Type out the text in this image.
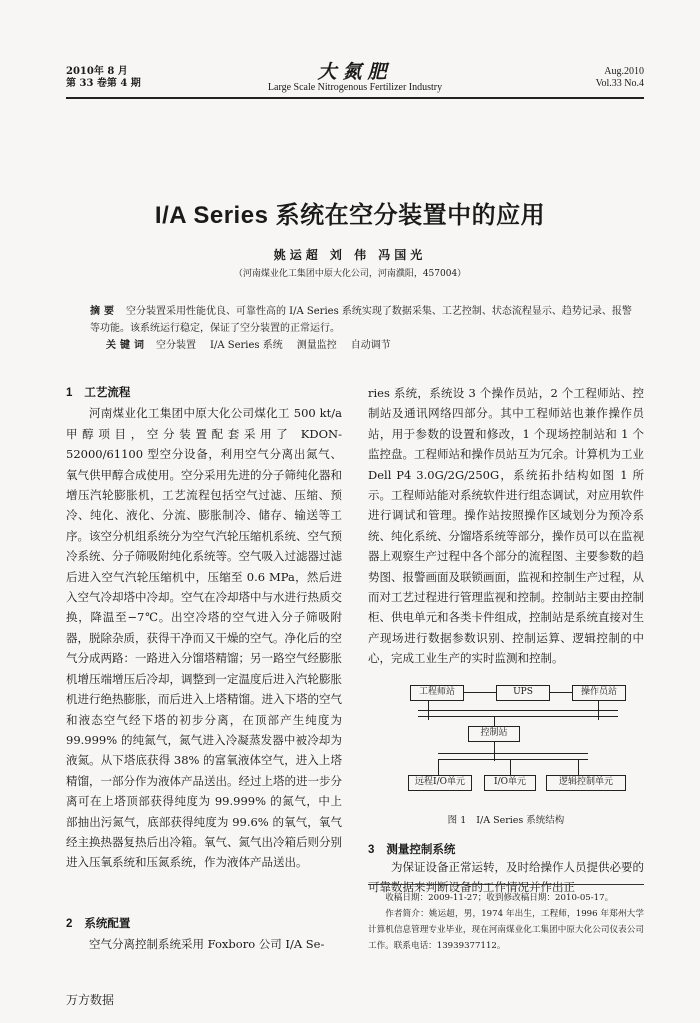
2010年 8 月
第 33 卷第 4 期
大氮肥
Large Scale Nitrogenous Fertilizer Industry
Aug.2010
Vol.33 No.4
I/A Series 系统在空分装置中的应用
姚运超 刘 伟 冯国光
（河南煤业化工集团中原大化公司，河南濮阳，457004）
摘要 空分装置采用性能优良、可靠性高的 I/A Series 系统实现了数据采集、工艺控制、状态流程显示、趋势记录、报警等功能。该系统运行稳定，保证了空分装置的正常运行。
关键词 空分装置 I/A Series 系统 测量监控 自动调节

1 工艺流程

河南煤业化工集团中原大化公司煤化工 500 kt/a 甲醇项目，空分装置配套采用了 KDON-52000/61100 型空分设备，利用空气分离出氮气、氧气供甲醇合成使用。空分采用先进的分子筛纯化器和增压汽轮膨胀机，工艺流程包括空气过滤、压缩、预冷、纯化、液化、分流、膨胀制冷、储存、输送等工序。该空分机组系统分为空气汽轮压缩机系统、空气预冷系统、分子筛吸附纯化系统等。空气吸入过滤器过滤后进入空气汽轮压缩机中，压缩至 0.6 MPa，然后进入空气冷却塔中冷却。空气在冷却塔中与水进行热质交换，降温至−7℃。出空冷塔的空气进入分子筛吸附器，脱除杂质，获得干净而又干燥的空气。净化后的空气分成两路：一路进入分馏塔精馏；另一路空气经膨胀机增压端增压后冷却，调整到一定温度后进入汽轮膨胀机进行绝热膨胀，而后进入上塔精馏。进入下塔的空气和液态空气经下塔的初步分离，在顶部产生纯度为 99.999% 的纯氮气，氮气进入冷凝蒸发器中被冷却为液氮。从下塔底获得 38% 的富氧液体空气，进入上塔精馏，一部分作为液体产品送出。经过上塔的进一步分离可在上塔顶部获得纯度为 99.999% 的氮气，中上部抽出污氮气，底部获得纯度为 99.6% 的氧气，氧气经主换热器复热后出冷箱。氧气、氮气出冷箱后则分别进入压氧系统和压氮系统，作为液体产品送出。

2 系统配置

空气分离控制系统采用 Foxboro 公司 I/A Se-

ries 系统，系统设 3 个操作员站，2 个工程师站、控制站及通讯网络四部分。其中工程师站也兼作操作员站，用于参数的设置和修改，1 个现场控制站和 1 个监控盘。工程师站和操作员站互为冗余。计算机为工业 Dell P4 3.0G/2G/250G，系统拓扑结构如图 1 所示。工程师站能对系统软件进行组态调试，对应用软件进行调试和管理。操作站按照操作区域划分为预冷系统、纯化系统、分馏塔系统等部分，操作员可以在监视器上观察生产过程中各个部分的流程图、主要参数的趋势图、报警画面及联锁画面，监视和控制生产过程，从而对工艺过程进行管理监视和控制。控制站主要由控制柜、供电单元和各类卡件组成，控制站是系统直接对生产现场进行数据参数识别、控制运算、逻辑控制的中心，完成工业生产的实时监测和控制。

工程师站	UPS	操作员站
控制站
远程I/O单元	I/O单元	逻辑控制单元
图 1 I/A Series 系统结构

3 测量控制系统

为保证设备正常运转，及时给操作人员提供必要的可靠数据来判断设备的工作情况并作出正

收稿日期：2009-11-27；收到修改稿日期：2010-05-17。

作者简介：姚运超，男，1974 年出生，工程师，1996 年郑州大学计算机信息管理专业毕业，现在河南煤业化工集团中原大化公司仪表公司工作。联系电话：13939377112。

万方数据
